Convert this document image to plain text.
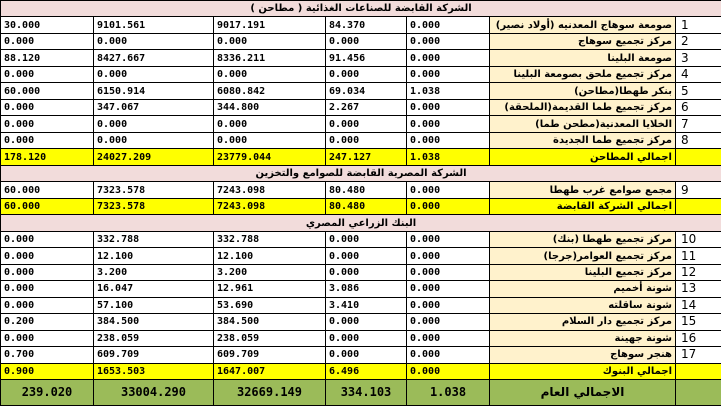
الشركة القابضة للصناعات الغذائية ( مطاحن )						
30.000	9101.561	9017.191	84.370	0.000	صومعة سوهاج المعدنيه (أولاد نصير)	1
0.000	0.000	0.000	0.000	0.000	مركز تجميع سوهاج	2
88.120	8427.667	8336.211	91.456	0.000	صومعة البلينا	3
0.000	0.000	0.000	0.000	0.000	مركز تجميع ملحق بصومعة البلينا	4
60.000	6150.914	6080.842	69.034	1.038	بنكر طهطا(مطاحن)	5
0.000	347.067	344.800	2.267	0.000	مركز تجميع طما القديمة(الملحقة)	6
0.000	0.000	0.000	0.000	0.000	الخلايا المعدنية(مطحن طما)	7
0.000	0.000	0.000	0.000	0.000	مركز تجميع طما الجديدة	8
178.120	24027.209	23779.044	247.127	1.038	اجمالي المطاحن	
الشركة المصرية القابضة للصوامع والتخزين						
60.000	7323.578	7243.098	80.480	0.000	مجمع صوامع غرب طهطا	9
60.000	7323.578	7243.098	80.480	0.000	اجمالي الشركة القابضة	
البنك الزراعي المصري						
0.000	332.788	332.788	0.000	0.000	مركز تجميع طهطا (بنك)	10
0.000	12.100	12.100	0.000	0.000	مركز تجميع العوامر(جرجا)	11
0.000	3.200	3.200	0.000	0.000	مركز تجميع البلينا	12
0.000	16.047	12.961	3.086	0.000	شونة أخميم	13
0.000	57.100	53.690	3.410	0.000	شونة ساقلته	14
0.200	384.500	384.500	0.000	0.000	مركز تجميع دار السلام	15
0.000	238.059	238.059	0.000	0.000	شونة جهينة	16
0.700	609.709	609.709	0.000	0.000	هنجر سوهاج	17
0.900	1653.503	1647.007	6.496	0.000	اجمالي البنوك	
239.020	33004.290	32669.149	334.103	1.038	الاجمالي العام	
